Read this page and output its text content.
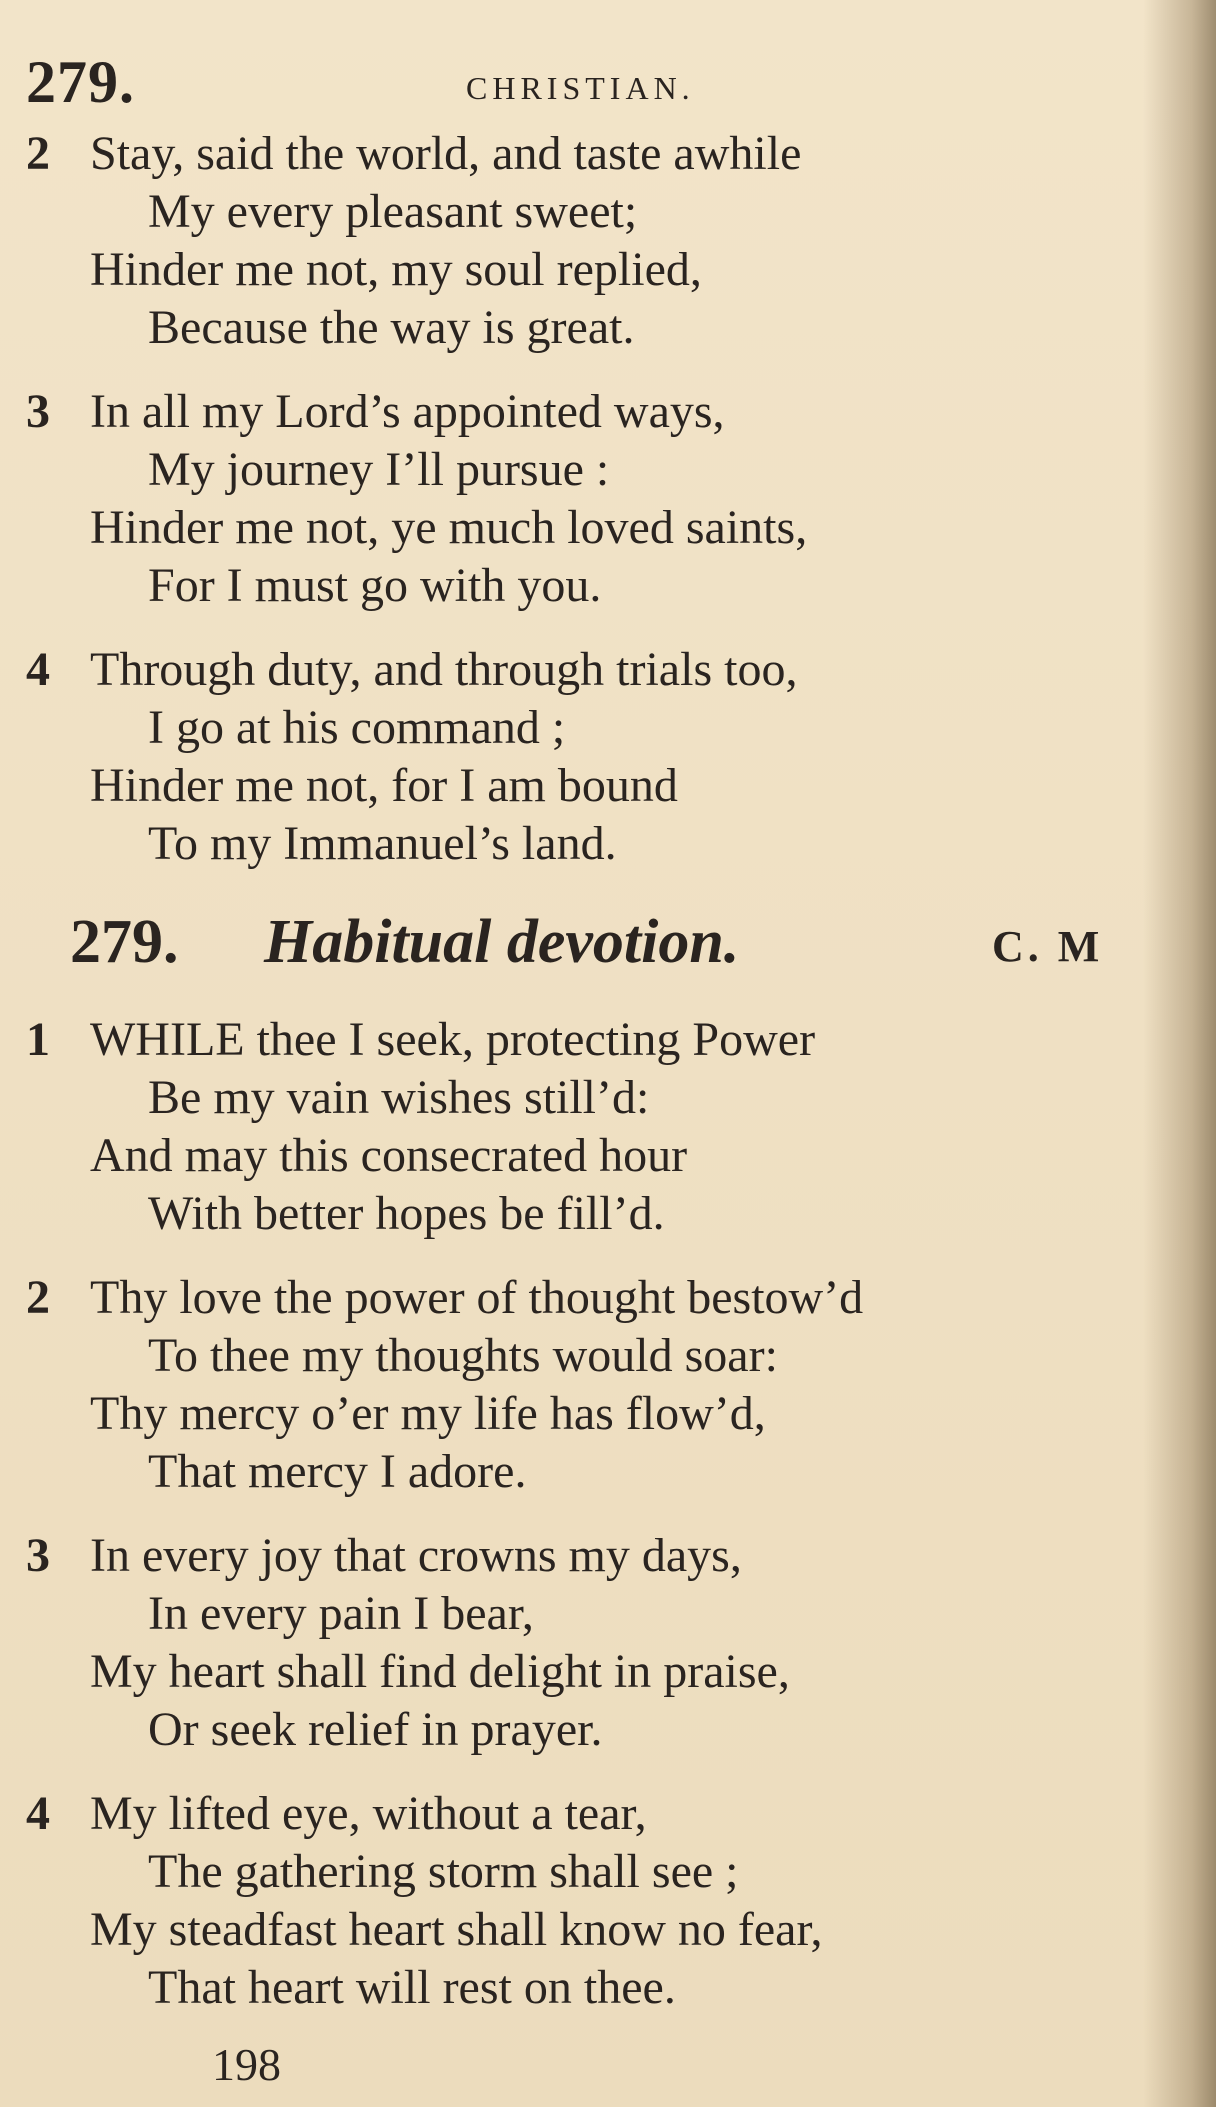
279.	CHRISTIAN.
2 Stay, said the world, and taste awhile
My every pleasant sweet;
Hinder me not, my soul replied,
Because the way is great.
3 In all my Lord’s appointed ways,
My journey I’ll pursue :
Hinder me not, ye much loved saints,
For I must go with you.
4 Through duty, and through trials too,
I go at his command ;
Hinder me not, for I am bound
To my Immanuel’s land.
279. Habitual devotion.	C. M
1 WHILE thee I seek, protecting Power
Be my vain wishes still’d:
And may this consecrated hour
With better hopes be fill’d.
2 Thy love the power of thought bestow’d
To thee my thoughts would soar:
Thy mercy o’er my life has flow’d,
That mercy I adore.
3 In every joy that crowns my days,
In every pain I bear,
My heart shall find delight in praise,
Or seek relief in prayer.
4 My lifted eye, without a tear,
The gathering storm shall see ;
My steadfast heart shall know no fear,
That heart will rest on thee.
198
